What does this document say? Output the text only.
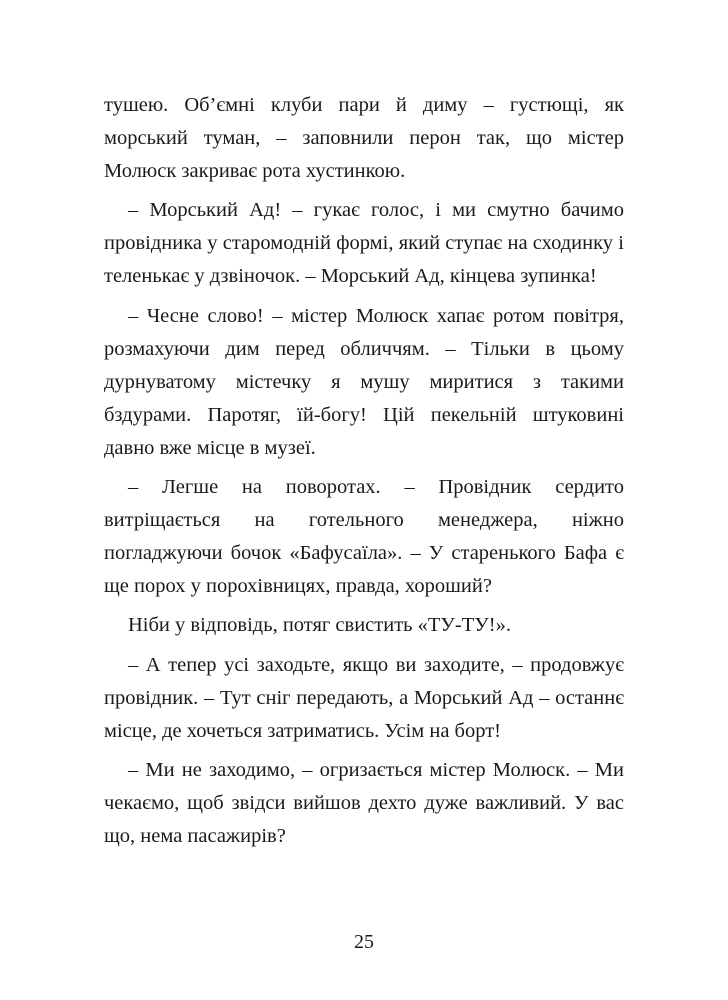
тушею. Об’ємні клуби пари й диму – густющі, як морський туман, – заповнили перон так, що містер Молюск закриває рота хустинкою.

– Морський Ад! – гукає голос, і ми смутно бачимо провідника у старомодній формі, який ступає на сходинку і теленькає у дзвіночок. – Морський Ад, кінцева зупинка!

– Чесне слово! – містер Молюск хапає ротом повітря, розмахуючи дим перед обличчям. – Тільки в цьому дурнуватому містечку я мушу миритися з такими бздурами. Паротяг, їй-богу! Цій пекельній штуковині давно вже місце в музеї.

– Легше на поворотах. – Провідник сердито витріщається на готельного менеджера, ніжно погладжуючи бочок «Бафусаїла». – У старенького Бафа є ще порох у порохівницях, правда, хороший?

Ніби у відповідь, потяг свистить «ТУ-ТУ!».

– А тепер усі заходьте, якщо ви заходите, – продовжує провідник. – Тут сніг передають, а Морський Ад – останнє місце, де хочеться затриматись. Усім на борт!

– Ми не заходимо, – огризається містер Молюск. – Ми чекаємо, щоб звідси вийшов дехто дуже важливий. У вас що, нема пасажирів?

25
